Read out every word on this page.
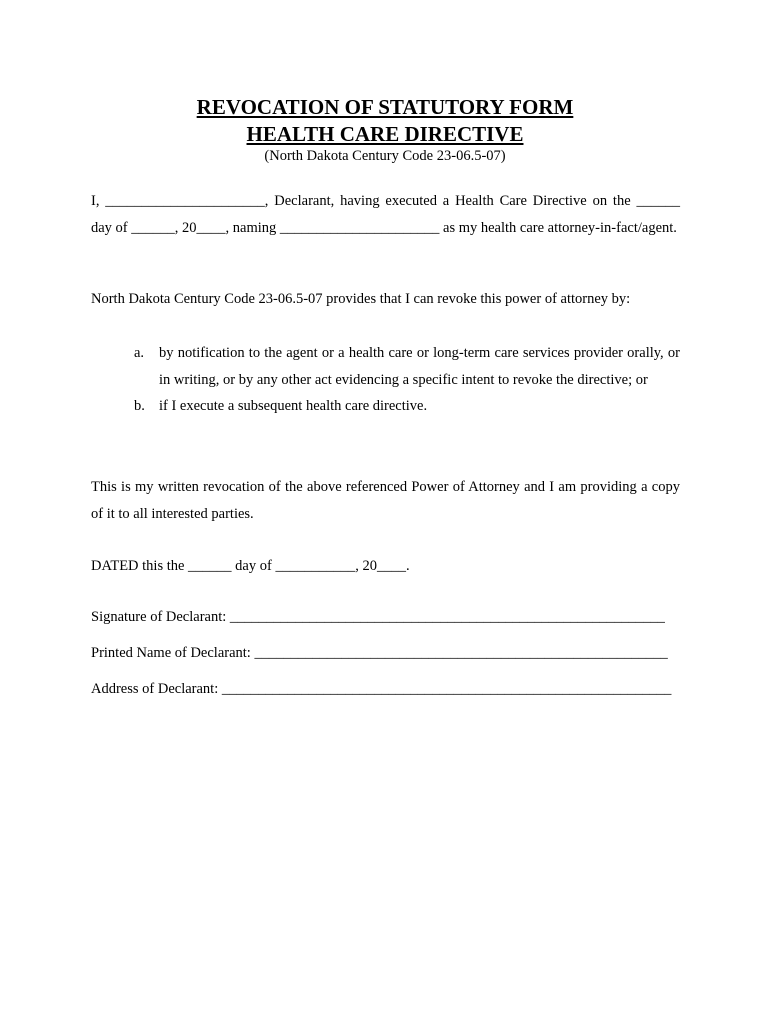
REVOCATION OF STATUTORY FORM
HEALTH CARE DIRECTIVE

(North Dakota Century Code 23-06.5-07)

I, ______________________, Declarant, having executed a Health Care Directive on the ______ day of ______, 20____, naming ______________________ as my health care attorney-in-fact/agent.

North Dakota Century Code 23-06.5-07 provides that I can revoke this power of attorney by:

a. by notification to the agent or a health care or long-term care services provider orally, or in writing, or by any other act evidencing a specific intent to revoke the directive; or
b. if I execute a subsequent health care directive.

This is my written revocation of the above referenced Power of Attorney and I am providing a copy of it to all interested parties.

DATED this the ______ day of ___________, 20____.

Signature of Declarant: ____________________________________________________________

Printed Name of Declarant: _________________________________________________________

Address of Declarant: ______________________________________________________________
